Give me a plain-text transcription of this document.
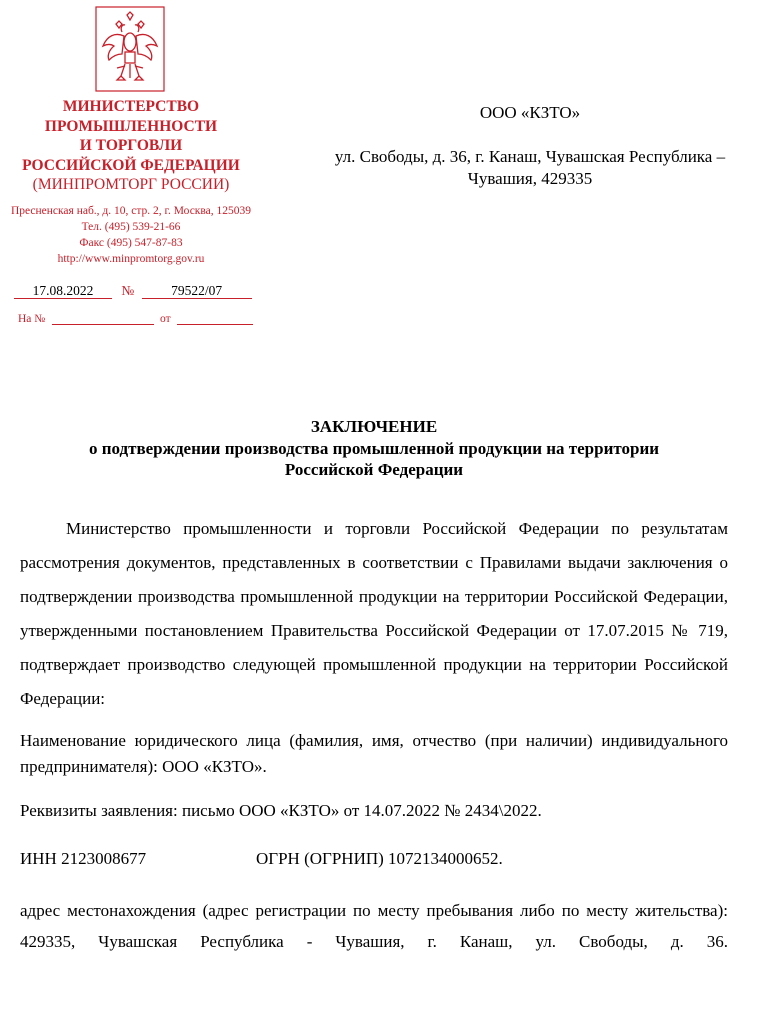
МИНИСТЕРСТВО
ПРОМЫШЛЕННОСТИ
И ТОРГОВЛИ
РОССИЙСКОЙ ФЕДЕРАЦИИ
(МИНПРОМТОРГ РОССИИ)
Пресненская наб., д. 10, стр. 2, г. Москва, 125039
Тел. (495) 539-21-66
Факс (495) 547-87-83
http://www.minpromtorg.gov.ru
17.08.2022 №	79522/07
На №	от
ООО «КЗТО»
ул. Свободы, д. 36, г. Канаш, Чувашская Республика – Чувашия, 429335
ЗАКЛЮЧЕНИЕ
о подтверждении производства промышленной продукции на территории
Российской Федерации

Министерство промышленности и торговли Российской Федерации по результатам рассмотрения документов, представленных в соответствии с Правилами выдачи заключения о подтверждении производства промышленной продукции на территории Российской Федерации, утвержденными постановлением Правительства Российской Федерации от 17.07.2015 № 719, подтверждает производство следующей промышленной продукции на территории Российской Федерации:

Наименование юридического лица (фамилия, имя, отчество (при наличии) индивидуального предпринимателя): ООО «КЗТО».

Реквизиты заявления: письмо ООО «КЗТО» от 14.07.2022 № 2434\2022.

ИНН 2123008677	ОГРН (ОГРНИП) 1072134000652.

адрес местонахождения (адрес регистрации по месту пребывания либо по месту жительства): 429335, Чувашская Республика - Чувашия, г. Канаш, ул. Свободы, д. 36.
